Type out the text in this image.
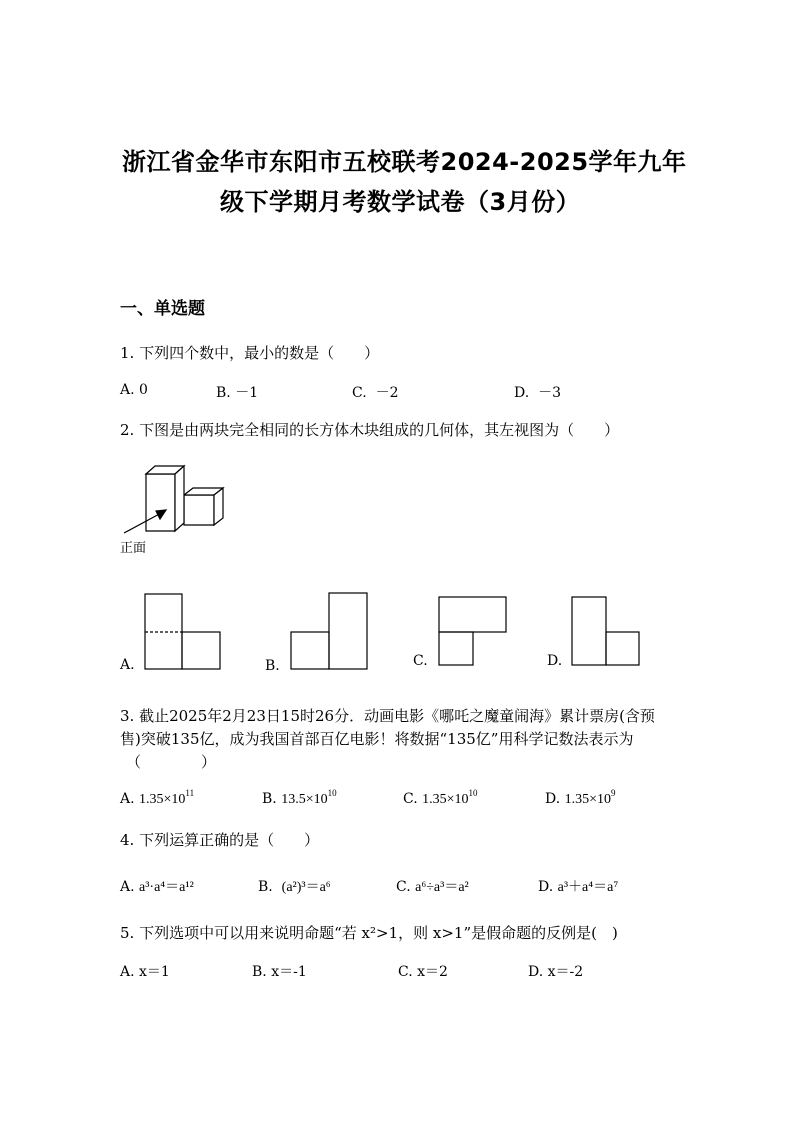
浙江省金华市东阳市五校联考2024-2025学年九年
级下学期月考数学试卷（3月份）
一、单选题
1. 下列四个数中，最小的数是（　　）
A. 0	B. －1	C. －2	D. －3
2. 下图是由两块完全相同的长方体木块组成的几何体，其左视图为（　　）
正面
A.	B.	C.	D.
3. 截止2025年2月23日15时26分．动画电影《哪吒之魔童闹海》累计票房(含预
售)突破135亿，成为我国首部百亿电影！将数据“135亿”用科学记数法表示为
（　　　　）
A. $1.35\times 10^{11}$	B. $13.5\times 10^{10}$	C. $1.35\times 10^{10}$	D. $1.35\times 10^9$
4. 下列运算正确的是（　　）
A. a³·a⁴＝a¹²	B. (a²)³＝a⁶	C. a⁶÷a³＝a²	D. a³＋a⁴＝a⁷
5. 下列选项中可以用来说明命题“若 x²>1，则 x>1”是假命题的反例是(　)
A. x＝1	B. x＝-1	C. x＝2	D. x＝-2
